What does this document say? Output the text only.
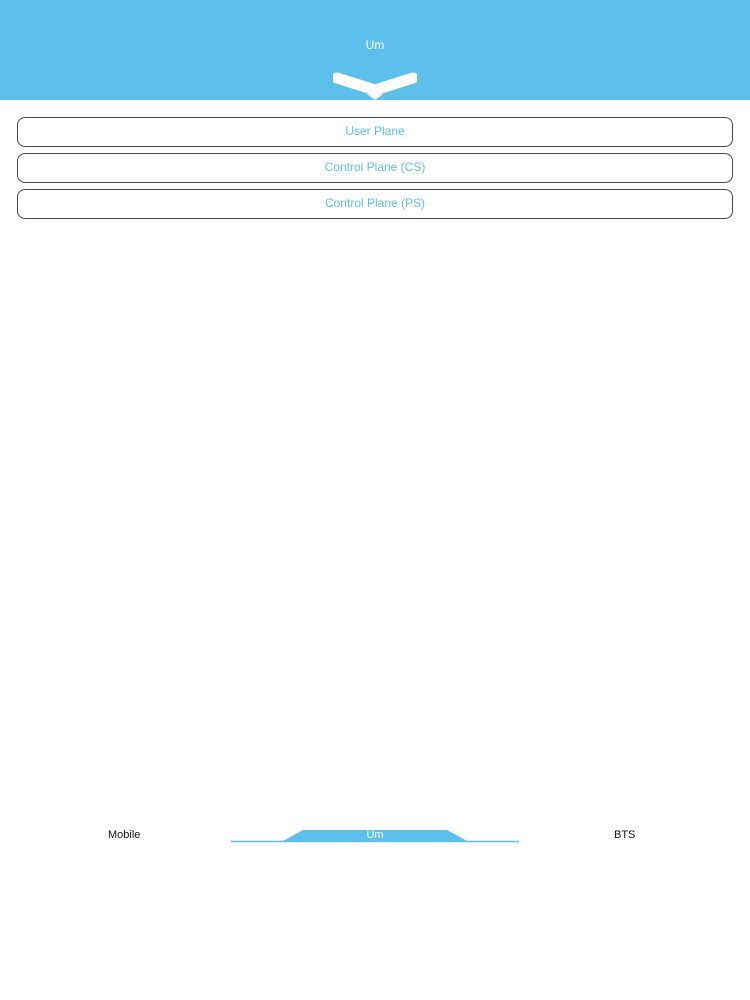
Um
User Plane
Control Plane (CS)
Control Plane (PS)
Mobile	Um	BTS
